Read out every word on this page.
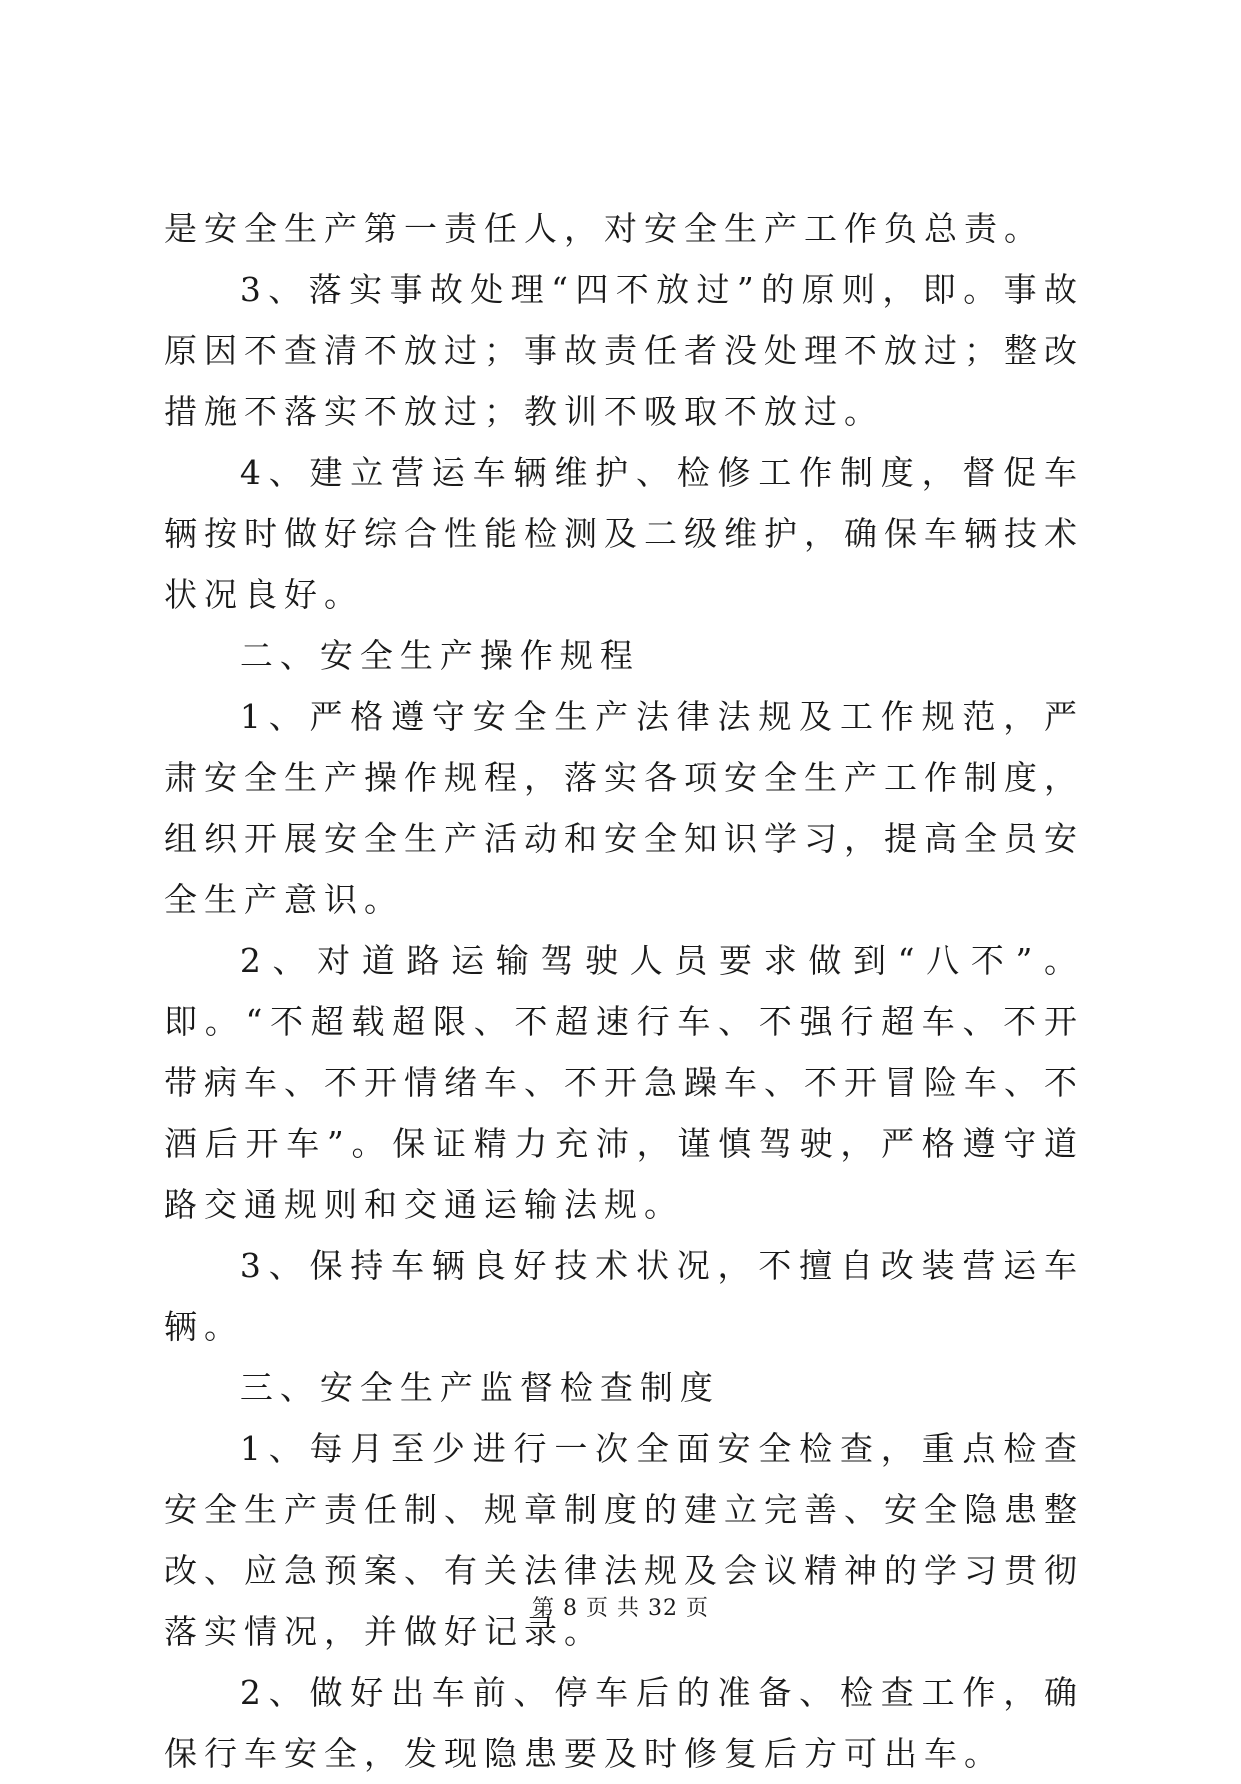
是安全生产第一责任人，对安全生产工作负总责。

3、落实事故处理“四不放过”的原则，即。事故原因不查清不放过；事故责任者没处理不放过；整改措施不落实不放过；教训不吸取不放过。

4、建立营运车辆维护、检修工作制度，督促车辆按时做好综合性能检测及二级维护，确保车辆技术状况良好。

二、安全生产操作规程

1、严格遵守安全生产法律法规及工作规范，严肃安全生产操作规程，落实各项安全生产工作制度，组织开展安全生产活动和安全知识学习，提高全员安全生产意识。

2、对道路运输驾驶人员要求做到“八不”。即。“不超载超限、不超速行车、不强行超车、不开带病车、不开情绪车、不开急躁车、不开冒险车、不酒后开车”。保证精力充沛，谨慎驾驶，严格遵守道路交通规则和交通运输法规。

3、保持车辆良好技术状况，不擅自改装营运车辆。

三、安全生产监督检查制度

1、每月至少进行一次全面安全检查，重点检查安全生产责任制、规章制度的建立完善、安全隐患整改、应急预案、有关法律法规及会议精神的学习贯彻落实情况，并做好记录。

2、做好出车前、停车后的准备、检查工作，确保行车安全，发现隐患要及时修复后方可出车。

第 8 页 共 32 页
